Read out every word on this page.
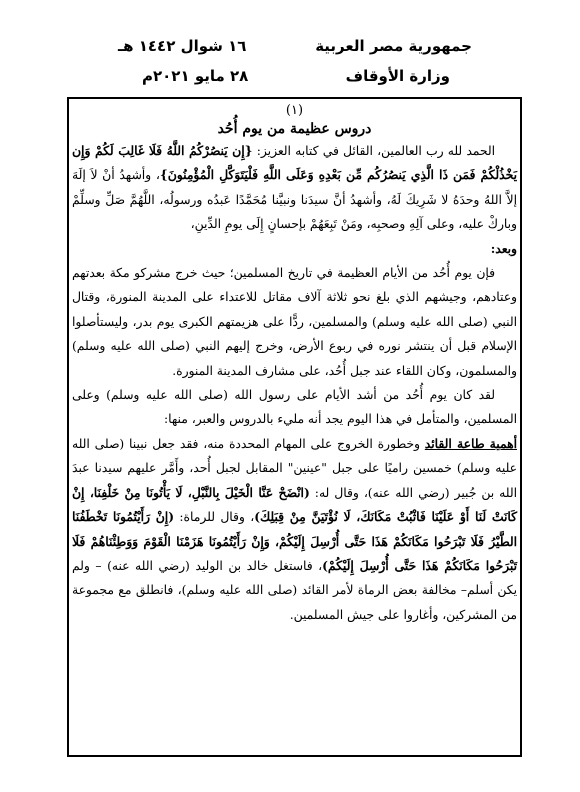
جمهورية مصر العربية
وزارة الأوقاف
١٦ شوال ١٤٤٢ هـ
٢٨ مايو ٢٠٢١م
(١)
دروس عظيمة من يوم أُحُد

الحمد لله رب العالمين، القائل في كتابه العزيز: {إِن يَنصُرْكُمُ اللَّهُ فَلَا غَالِبَ لَكُمْ وَإِن يَخْذُلْكُمْ فَمَن ذَا الَّذِي يَنصُرُكُم مِّن بَعْدِهِ وَعَلَى اللَّهِ فَلْيَتَوَكَّلِ الْمُؤْمِنُونَ}، وأشهدُ أنْ لاَ إلَهَ إلاَّ اللهُ وحدَهُ لا شَرِيكَ لَهُ، وأشهدُ أنَّ سيدَنا ونبيَّنا مُحَمَّدًا عَبدُه ورسولُه، اللَّهُمَّ صَلِّ وسلِّمْ وباركْ عليه، وعلى آلِهِ وصحبِه، ومَنْ تَبِعَهُمْ بإحسانٍ إِلَى يومِ الدِّينِ،

وبعد:

فإن يوم أُحُد من الأيام العظيمة في تاريخ المسلمين؛ حيث خرج مشركو مكة بعدتهم وعتادهم، وجيشهم الذي بلغ نحو ثلاثة آلاف مقاتل للاعتداء على المدينة المنورة، وقتال النبي (صلى الله عليه وسلم) والمسلمين، ردًّا على هزيمتهم الكبرى يوم بدر، وليستأصلوا الإسلام قبل أن ينتشر نوره في ربوع الأرض، وخرج إليهم النبي (صلى الله عليه وسلم) والمسلمون، وكان اللقاء عند جبل أُحُد، على مشارف المدينة المنورة.

لقد كان يوم أُحُد من أشد الأيام على رسول الله (صلى الله عليه وسلم) وعلى المسلمين، والمتأمل في هذا اليوم يجد أنه مليء بالدروس والعبر، منها:

أهمية طاعة القائد وخطورة الخروج على المهام المحددة منه، فقد جعل نبينا (صلى الله عليه وسلم) خمسين راميًا على جبل "عينين" المقابل لجبل أُحد، وأَمَّر عليهم سيدنا عبدَ الله بن جُبير (رضي الله عنه)، وقال له: (انْضَحْ عَنَّا الْخَيْلَ بِالنَّبْلِ، لَا يَأْتُونَا مِنْ خَلْفِنَا، إِنْ كَانَتْ لَنَا أَوْ عَلَيْنَا فَاثْبُتْ مَكَانَكَ، لَا نُؤْتَيَنَّ مِنْ قِبَلِكَ)، وقال للرماة: (إِنْ رَأَيْتُمُونَا تَخْطَفُنَا الطَّيْرُ فَلَا تَبْرَحُوا مَكَانَكُمْ هَذَا حَتَّى أُرْسِلَ إِلَيْكُمْ، وَإِنْ رَأَيْتُمُونَا هَزَمْنَا الْقَوْمَ وَوَطِئْنَاهُمْ فَلَا تَبْرَحُوا مَكَانَكُمْ هَذَا حَتَّى أُرْسِلَ إِلَيْكُمْ)، فاستغل خالد بن الوليد (رضي الله عنه) – ولم يكن أسلم– مخالفة بعض الرماة لأمر القائد (صلى الله عليه وسلم)، فانطلق مع مجموعة من المشركين، وأغاروا على جيش المسلمين.
